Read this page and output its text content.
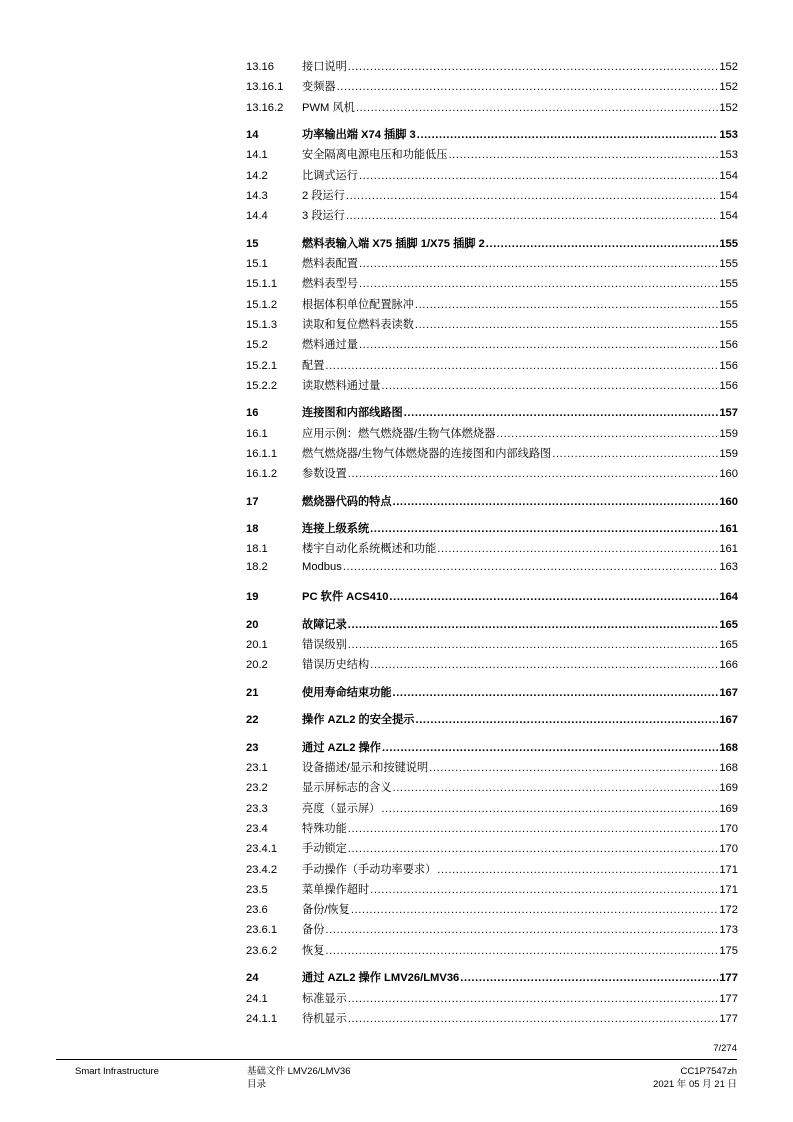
13.16	接口说明 .....	152
13.16.1	变频器 .....	152
13.16.2	PWM 风机 .....	152
14	功率输出端 X74 插脚 3 .....	153
14.1	安全隔离电源电压和功能低压 .....	153
14.2	比调式运行 .....	154
14.3	2 段运行 .....	154
14.4	3 段运行 .....	154
15	燃料表输入端 X75 插脚 1/X75 插脚 2 .....	155
15.1	燃料表配置 .....	155
15.1.1	燃料表型号 .....	155
15.1.2	根据体积单位配置脉冲 .....	155
15.1.3	读取和复位燃料表读数 .....	155
15.2	燃料通过量 .....	156
15.2.1	配置 .....	156
15.2.2	读取燃料通过量 .....	156
16	连接图和内部线路图 .....	157
16.1	应用示例：燃气燃烧器/生物气体燃烧器 .....	159
16.1.1	燃气燃烧器/生物气体燃烧器的连接图和内部线路图 .....	159
16.1.2	参数设置 .....	160
17	燃烧器代码的特点 .....	160
18	连接上级系统 .....	161
18.1	楼宇自动化系统概述和功能 .....	161
18.2	Modbus .....	163
19	PC 软件 ACS410 .....	164
20	故障记录 .....	165
20.1	错误级别 .....	165
20.2	错误历史结构 .....	166
21	使用寿命结束功能 .....	167
22	操作 AZL2 的安全提示 .....	167
23	通过 AZL2 操作 .....	168
23.1	设备描述/显示和按键说明 .....	168
23.2	显示屏标志的含义 .....	169
23.3	亮度（显示屏） .....	169
23.4	特殊功能 .....	170
23.4.1	手动锁定 .....	170
23.4.2	手动操作（手动功率要求） .....	171
23.5	菜单操作超时 .....	171
23.6	备份/恢复 .....	172
23.6.1	备份 .....	173
23.6.2	恢复 .....	175
24	通过 AZL2 操作 LMV26/LMV36 .....	177
24.1	标准显示 .....	177
24.1.1	待机显示 .....	177
7/274
Smart Infrastructure	基础文件 LMV26/LMV36
目录
CC1P7547zh
2021 年 05 月 21 日
